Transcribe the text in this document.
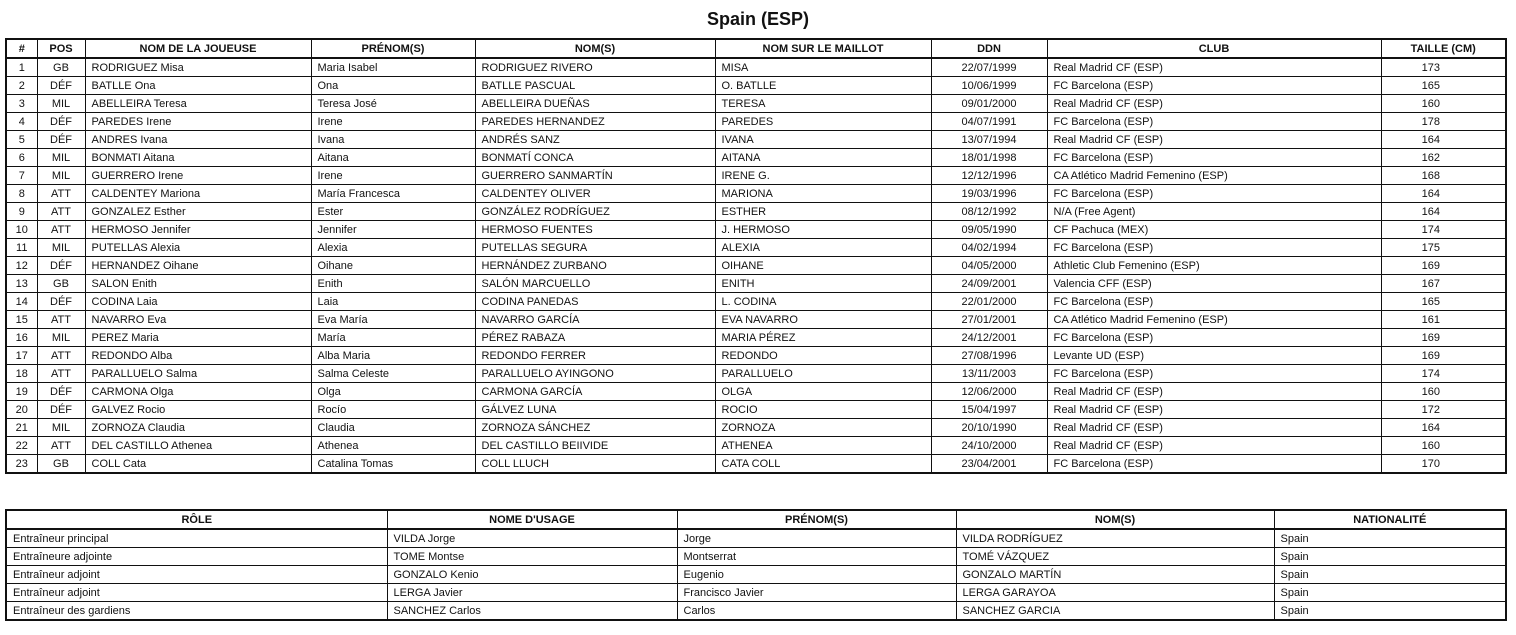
Spain (ESP)
#	POS	NOM DE LA JOUEUSE	PRÉNOM(S)	NOM(S)	NOM SUR LE MAILLOT	DDN	CLUB	TAILLE (CM)
1	GB	RODRIGUEZ Misa	Maria Isabel	RODRIGUEZ RIVERO	MISA	22/07/1999	Real Madrid CF (ESP)	173
2	DÉF	BATLLE Ona	Ona	BATLLE PASCUAL	O. BATLLE	10/06/1999	FC Barcelona (ESP)	165
3	MIL	ABELLEIRA Teresa	Teresa José	ABELLEIRA DUEÑAS	TERESA	09/01/2000	Real Madrid CF (ESP)	160
4	DÉF	PAREDES Irene	Irene	PAREDES HERNANDEZ	PAREDES	04/07/1991	FC Barcelona (ESP)	178
5	DÉF	ANDRES Ivana	Ivana	ANDRÉS SANZ	IVANA	13/07/1994	Real Madrid CF (ESP)	164
6	MIL	BONMATI Aitana	Aitana	BONMATÍ CONCA	AITANA	18/01/1998	FC Barcelona (ESP)	162
7	MIL	GUERRERO Irene	Irene	GUERRERO SANMARTÍN	IRENE G.	12/12/1996	CA Atlético Madrid Femenino (ESP)	168
8	ATT	CALDENTEY Mariona	María Francesca	CALDENTEY OLIVER	MARIONA	19/03/1996	FC Barcelona (ESP)	164
9	ATT	GONZALEZ Esther	Ester	GONZÁLEZ RODRÍGUEZ	ESTHER	08/12/1992	N/A (Free Agent)	164
10	ATT	HERMOSO Jennifer	Jennifer	HERMOSO FUENTES	J. HERMOSO	09/05/1990	CF Pachuca (MEX)	174
11	MIL	PUTELLAS Alexia	Alexia	PUTELLAS SEGURA	ALEXIA	04/02/1994	FC Barcelona (ESP)	175
12	DÉF	HERNANDEZ Oihane	Oihane	HERNÁNDEZ ZURBANO	OIHANE	04/05/2000	Athletic Club Femenino (ESP)	169
13	GB	SALON Enith	Enith	SALÓN MARCUELLO	ENITH	24/09/2001	Valencia CFF (ESP)	167
14	DÉF	CODINA Laia	Laia	CODINA PANEDAS	L. CODINA	22/01/2000	FC Barcelona (ESP)	165
15	ATT	NAVARRO Eva	Eva María	NAVARRO GARCÍA	EVA NAVARRO	27/01/2001	CA Atlético Madrid Femenino (ESP)	161
16	MIL	PEREZ Maria	María	PÉREZ RABAZA	MARIA PÉREZ	24/12/2001	FC Barcelona (ESP)	169
17	ATT	REDONDO Alba	Alba Maria	REDONDO FERRER	REDONDO	27/08/1996	Levante UD (ESP)	169
18	ATT	PARALLUELO Salma	Salma Celeste	PARALLUELO AYINGONO	PARALLUELO	13/11/2003	FC Barcelona (ESP)	174
19	DÉF	CARMONA Olga	Olga	CARMONA GARCÍA	OLGA	12/06/2000	Real Madrid CF (ESP)	160
20	DÉF	GALVEZ Rocio	Rocío	GÁLVEZ LUNA	ROCIO	15/04/1997	Real Madrid CF (ESP)	172
21	MIL	ZORNOZA Claudia	Claudia	ZORNOZA SÁNCHEZ	ZORNOZA	20/10/1990	Real Madrid CF (ESP)	164
22	ATT	DEL CASTILLO Athenea	Athenea	DEL CASTILLO BEIIVIDE	ATHENEA	24/10/2000	Real Madrid CF (ESP)	160
23	GB	COLL Cata	Catalina Tomas	COLL LLUCH	CATA COLL	23/04/2001	FC Barcelona (ESP)	170
RÔLE	NOME D'USAGE	PRÉNOM(S)	NOM(S)	NATIONALITÉ
Entraîneur principal	VILDA Jorge	Jorge	VILDA RODRÍGUEZ	Spain
Entraîneure adjointe	TOME Montse	Montserrat	TOMÉ VÁZQUEZ	Spain
Entraîneur adjoint	GONZALO Kenio	Eugenio	GONZALO MARTÍN	Spain
Entraîneur adjoint	LERGA Javier	Francisco Javier	LERGA GARAYOA	Spain
Entraîneur des gardiens	SANCHEZ Carlos	Carlos	SANCHEZ GARCIA	Spain
